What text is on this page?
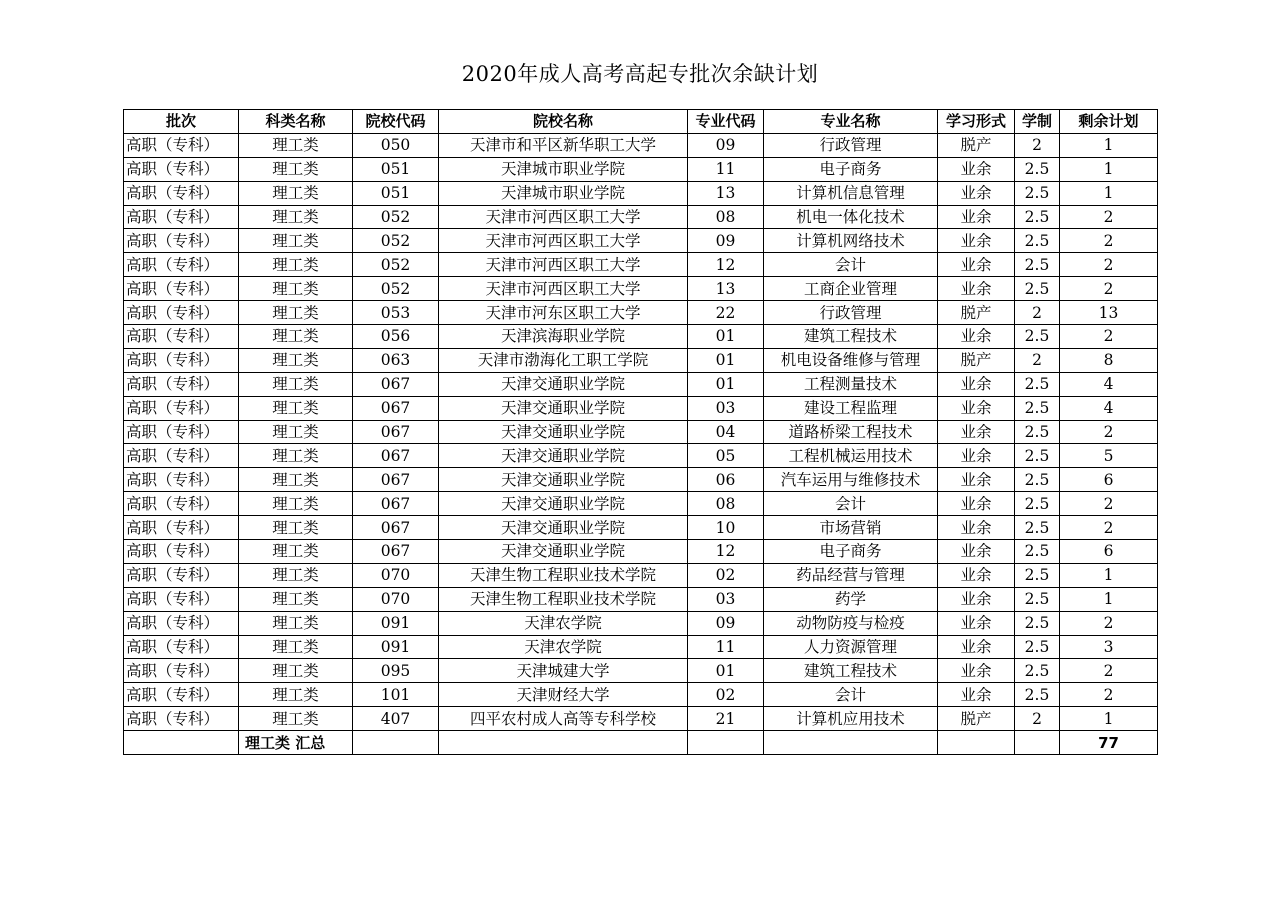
2020年成人高考高起专批次余缺计划
批次	科类名称	院校代码	院校名称	专业代码	专业名称	学习形式	学制	剩余计划
高职（专科）	理工类	050	天津市和平区新华职工大学	09	行政管理	脱产	2	1
高职（专科）	理工类	051	天津城市职业学院	11	电子商务	业余	2.5	1
高职（专科）	理工类	051	天津城市职业学院	13	计算机信息管理	业余	2.5	1
高职（专科）	理工类	052	天津市河西区职工大学	08	机电一体化技术	业余	2.5	2
高职（专科）	理工类	052	天津市河西区职工大学	09	计算机网络技术	业余	2.5	2
高职（专科）	理工类	052	天津市河西区职工大学	12	会计	业余	2.5	2
高职（专科）	理工类	052	天津市河西区职工大学	13	工商企业管理	业余	2.5	2
高职（专科）	理工类	053	天津市河东区职工大学	22	行政管理	脱产	2	13
高职（专科）	理工类	056	天津滨海职业学院	01	建筑工程技术	业余	2.5	2
高职（专科）	理工类	063	天津市渤海化工职工学院	01	机电设备维修与管理	脱产	2	8
高职（专科）	理工类	067	天津交通职业学院	01	工程测量技术	业余	2.5	4
高职（专科）	理工类	067	天津交通职业学院	03	建设工程监理	业余	2.5	4
高职（专科）	理工类	067	天津交通职业学院	04	道路桥梁工程技术	业余	2.5	2
高职（专科）	理工类	067	天津交通职业学院	05	工程机械运用技术	业余	2.5	5
高职（专科）	理工类	067	天津交通职业学院	06	汽车运用与维修技术	业余	2.5	6
高职（专科）	理工类	067	天津交通职业学院	08	会计	业余	2.5	2
高职（专科）	理工类	067	天津交通职业学院	10	市场营销	业余	2.5	2
高职（专科）	理工类	067	天津交通职业学院	12	电子商务	业余	2.5	6
高职（专科）	理工类	070	天津生物工程职业技术学院	02	药品经营与管理	业余	2.5	1
高职（专科）	理工类	070	天津生物工程职业技术学院	03	药学	业余	2.5	1
高职（专科）	理工类	091	天津农学院	09	动物防疫与检疫	业余	2.5	2
高职（专科）	理工类	091	天津农学院	11	人力资源管理	业余	2.5	3
高职（专科）	理工类	095	天津城建大学	01	建筑工程技术	业余	2.5	2
高职（专科）	理工类	101	天津财经大学	02	会计	业余	2.5	2
高职（专科）	理工类	407	四平农村成人高等专科学校	21	计算机应用技术	脱产	2	1
	理工类 汇总							77
